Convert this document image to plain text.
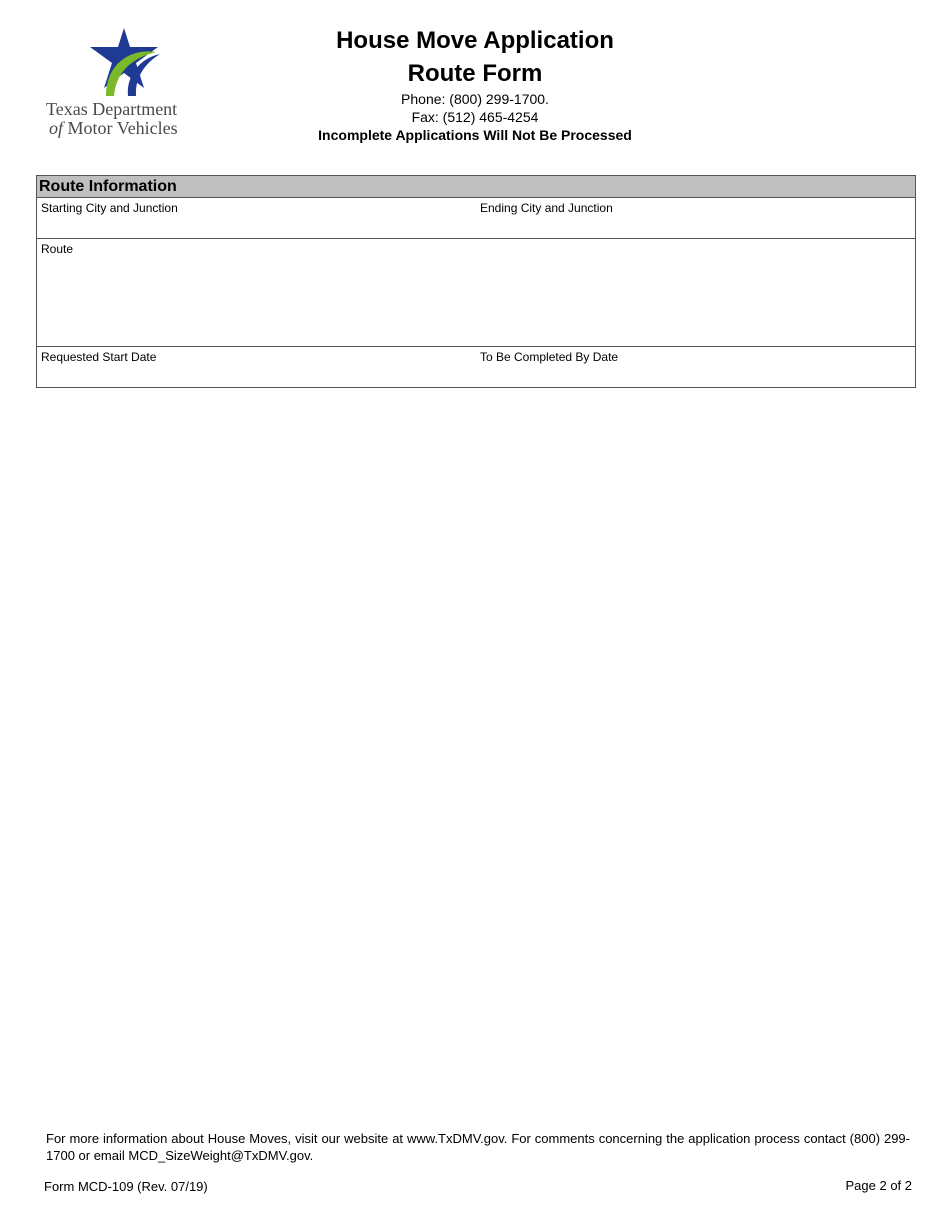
Texas Department
of Motor Vehicles
House Move Application
Route Form
Phone: (800) 299-1700.
Fax: (512) 465-4254
Incomplete Applications Will Not Be Processed
Route Information
Starting City and Junction	Ending City and Junction
Route
Requested Start Date	To Be Completed By Date
For more information about House Moves, visit our website at www.TxDMV.gov. For comments concerning the application process contact (800) 299-1700 or email MCD_SizeWeight@TxDMV.gov.
Form MCD-109 (Rev. 07/19)	Page 2 of 2
